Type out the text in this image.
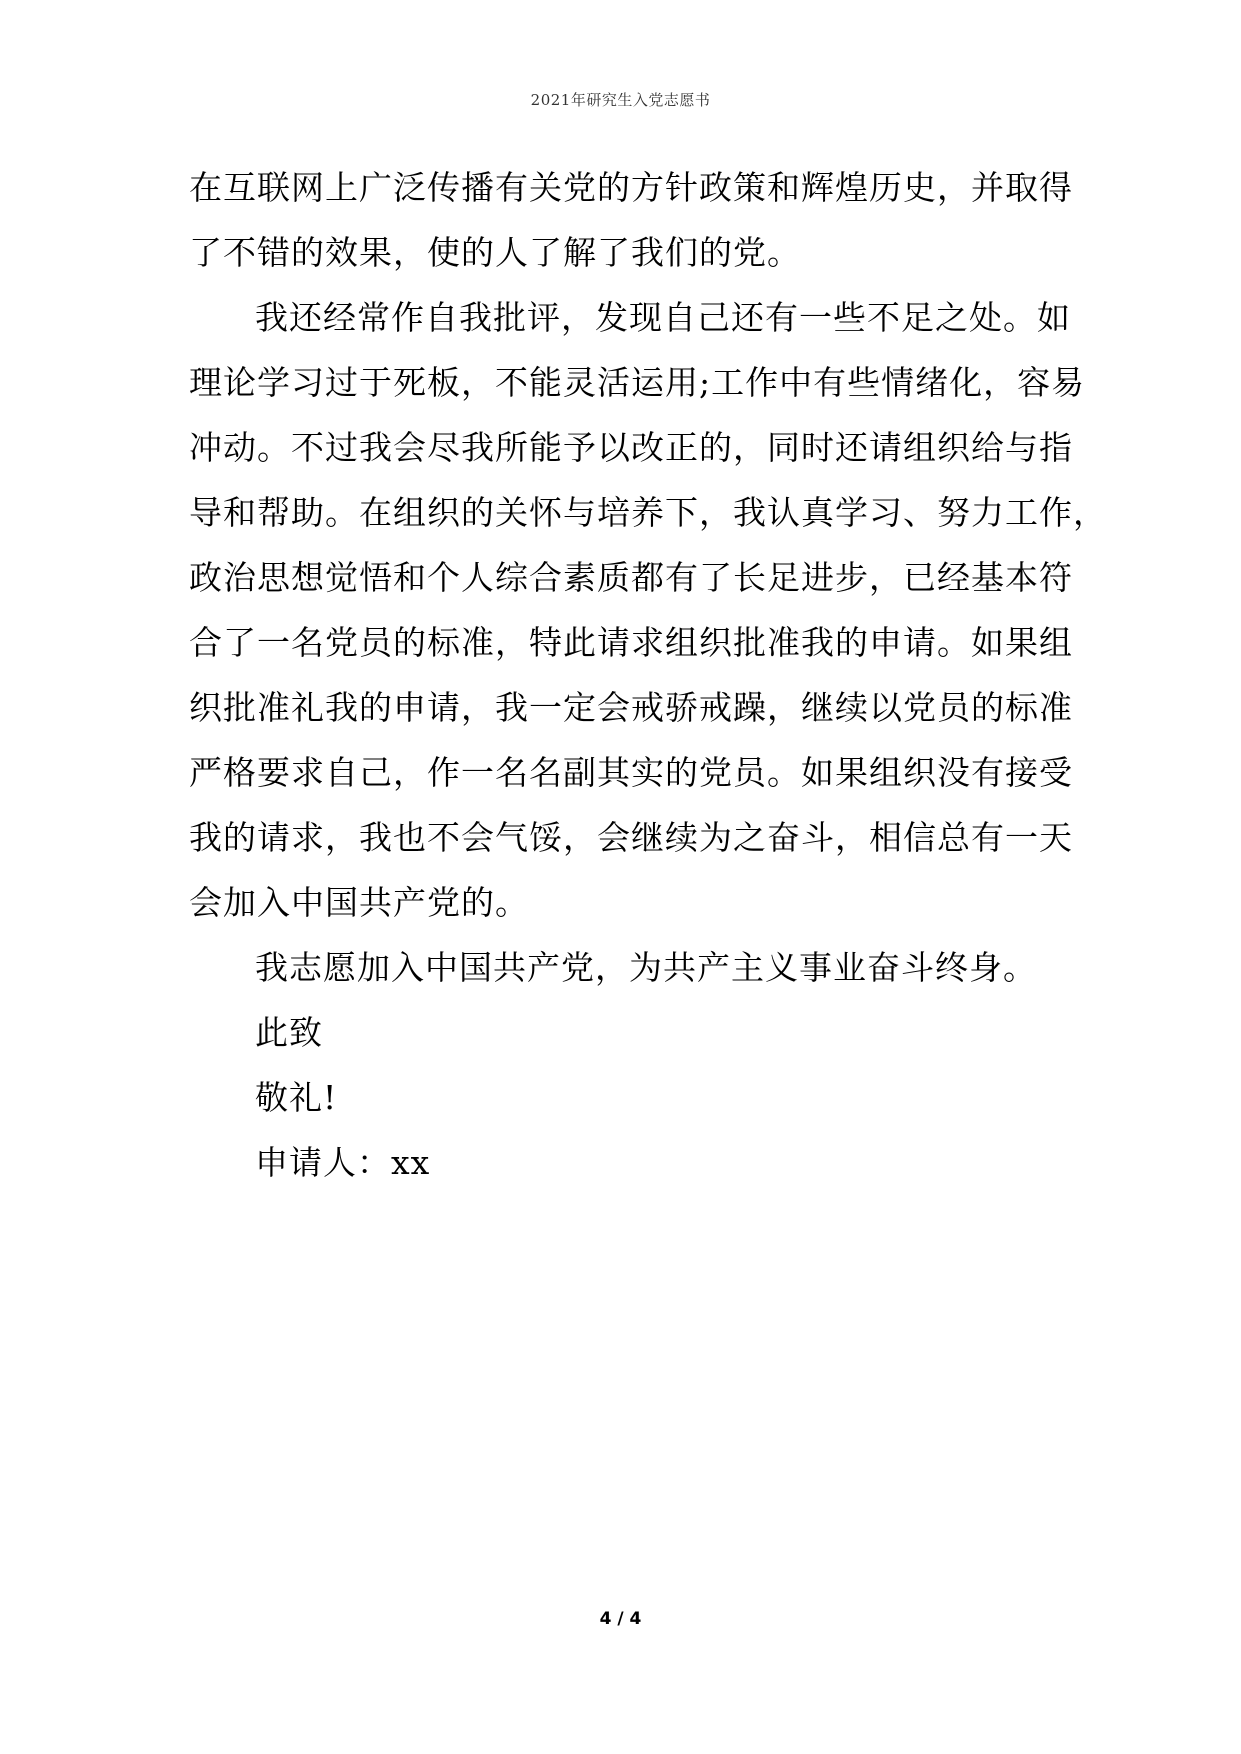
2021年研究生入党志愿书

在互联网上广泛传播有关党的方针政策和辉煌历史，并取得
了不错的效果，使的人了解了我们的党。

我还经常作自我批评，发现自己还有一些不足之处。如
理论学习过于死板，不能灵活运用;工作中有些情绪化，容易
冲动。不过我会尽我所能予以改正的，同时还请组织给与指
导和帮助。在组织的关怀与培养下，我认真学习、努力工作，
政治思想觉悟和个人综合素质都有了长足进步，已经基本符
合了一名党员的标准，特此请求组织批准我的申请。如果组
织批准礼我的申请，我一定会戒骄戒躁，继续以党员的标准
严格要求自己，作一名名副其实的党员。如果组织没有接受
我的请求，我也不会气馁，会继续为之奋斗，相信总有一天
会加入中国共产党的。

我志愿加入中国共产党，为共产主义事业奋斗终身。

此致

敬礼!

申请人：xx

4 / 4
